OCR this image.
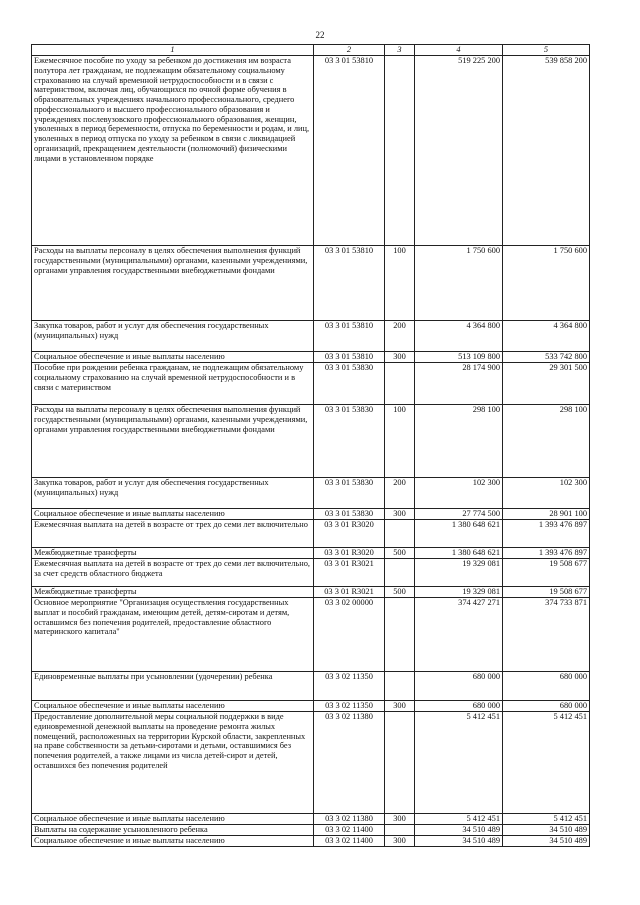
22
1	2	3	4	5
Ежемесячное пособие по уходу за ребенком до достижения им возраста полутора лет гражданам, не подлежащим обязательному социальному страхованию на случай временной нетрудоспособности и в связи с материнством, включая лиц, обучающихся по очной форме обучения в образовательных учреждениях начального профессионального, среднего профессионального и высшего профессионального образования и учреждениях послевузовского профессионального образования, женщин, уволенных в период беременности, отпуска по беременности и родам, и лиц, уволенных в период отпуска по уходу за ребенком в связи с ликвидацией организаций, прекращением деятельности (полномочий) физическими лицами в установленном порядке	03 3 01 53810		519 225 200	539 858 200
Расходы на выплаты персоналу в целях обеспечения выполнения функций государственными (муниципальными) органами, казенными учреждениями, органами управления государственными внебюджетными фондами	03 3 01 53810	100	1 750 600	1 750 600
Закупка товаров, работ и услуг для обеспечения государственных (муниципальных) нужд	03 3 01 53810	200	4 364 800	4 364 800
Социальное обеспечение и иные выплаты населению	03 3 01 53810	300	513 109 800	533 742 800
Пособие при рождении ребенка гражданам, не подлежащим обязательному социальному страхованию на случай временной нетрудоспособности и в связи с материнством	03 3 01 53830		28 174 900	29 301 500
Расходы на выплаты персоналу в целях обеспечения выполнения функций государственными (муниципальными) органами, казенными учреждениями, органами управления государственными внебюджетными фондами	03 3 01 53830	100	298 100	298 100
Закупка товаров, работ и услуг для обеспечения государственных (муниципальных) нужд	03 3 01 53830	200	102 300	102 300
Социальное обеспечение и иные выплаты населению	03 3 01 53830	300	27 774 500	28 901 100
Ежемесячная выплата на детей в возрасте от трех до семи лет включительно	03 3 01 R3020		1 380 648 621	1 393 476 897
Межбюджетные трансферты	03 3 01 R3020	500	1 380 648 621	1 393 476 897
Ежемесячная выплата на детей в возрасте от трех до семи лет включительно, за счет средств областного бюджета	03 3 01 R3021		19 329 081	19 508 677
Межбюджетные трансферты	03 3 01 R3021	500	19 329 081	19 508 677
Основное мероприятие "Организация осуществления государственных выплат и пособий гражданам, имеющим детей, детям-сиротам и детям, оставшимся без попечения родителей, предоставление областного материнского капитала"	03 3 02 00000		374 427 271	374 733 871
Единовременные выплаты при усыновлении (удочерении) ребенка	03 3 02 11350		680 000	680 000
Социальное обеспечение и иные выплаты населению	03 3 02 11350	300	680 000	680 000
Предоставление дополнительной меры социальной поддержки в виде единовременной денежной выплаты на проведение ремонта жилых помещений, расположенных на территории Курской области, закрепленных на праве собственности за детьми-сиротами и детьми, оставшимися без попечения родителей, а также лицами из числа детей-сирот и детей, оставшихся без попечения родителей	03 3 02 11380		5 412 451	5 412 451
Социальное обеспечение и иные выплаты населению	03 3 02 11380	300	5 412 451	5 412 451
Выплаты на содержание усыновленного ребенка	03 3 02 11400		34 510 489	34 510 489
Социальное обеспечение и иные выплаты населению	03 3 02 11400	300	34 510 489	34 510 489
